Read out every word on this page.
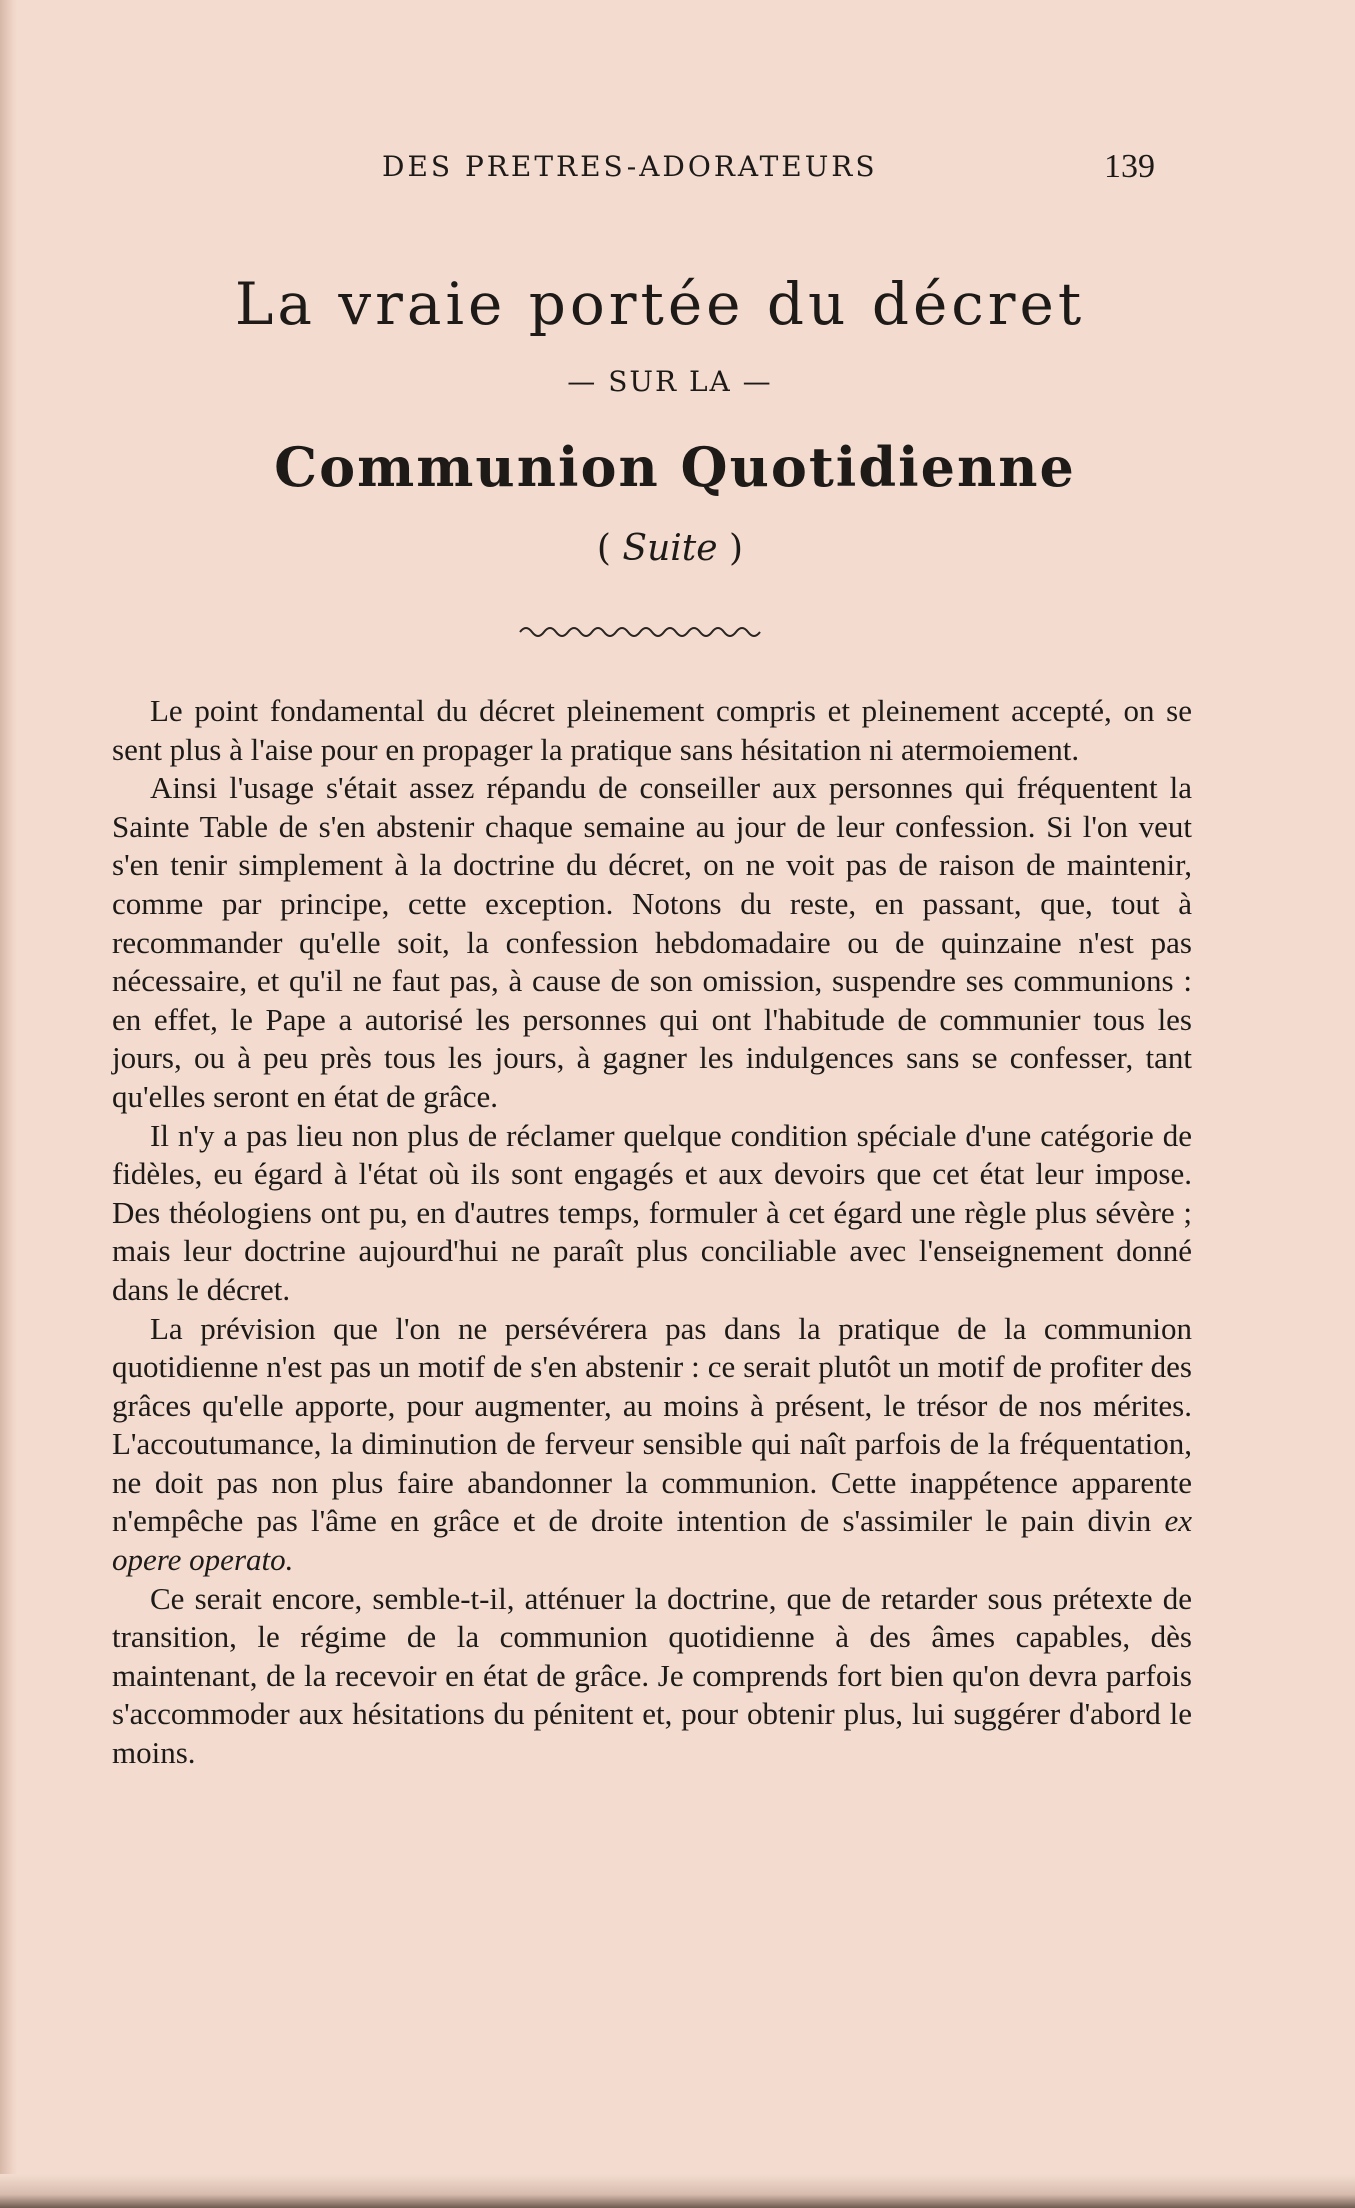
DES PRETRES-ADORATEURS	139
La vraie portée du décret
— SUR LA —
Communion Quotidienne
( Suite )

Le point fondamental du décret pleinement compris et pleinement accepté, on se sent plus à l'aise pour en propager la pratique sans hésitation ni atermoiement.

Ainsi l'usage s'était assez répandu de conseiller aux personnes qui fréquentent la Sainte Table de s'en abstenir chaque semaine au jour de leur confession. Si l'on veut s'en tenir simplement à la doctrine du décret, on ne voit pas de raison de maintenir, comme par principe, cette exception. Notons du reste, en passant, que, tout à recommander qu'elle soit, la confession hebdomadaire ou de quinzaine n'est pas nécessaire, et qu'il ne faut pas, à cause de son omission, suspendre ses communions : en effet, le Pape a autorisé les personnes qui ont l'habitude de communier tous les jours, ou à peu près tous les jours, à gagner les indulgences sans se confesser, tant qu'elles seront en état de grâce.

Il n'y a pas lieu non plus de réclamer quelque condition spéciale d'une catégorie de fidèles, eu égard à l'état où ils sont engagés et aux devoirs que cet état leur impose. Des théologiens ont pu, en d'autres temps, formuler à cet égard une règle plus sévère ; mais leur doctrine aujourd'hui ne paraît plus conciliable avec l'enseignement donné dans le décret.

La prévision que l'on ne persévérera pas dans la pratique de la communion quotidienne n'est pas un motif de s'en abstenir : ce serait plutôt un motif de profiter des grâces qu'elle apporte, pour augmenter, au moins à présent, le trésor de nos mérites. L'accoutumance, la diminution de ferveur sensible qui naît parfois de la fréquentation, ne doit pas non plus faire abandonner la communion. Cette inappétence apparente n'empêche pas l'âme en grâce et de droite intention de s'assimiler le pain divin ex opere operato.

Ce serait encore, semble-t-il, atténuer la doctrine, que de retarder sous prétexte de transition, le régime de la communion quotidienne à des âmes capables, dès maintenant, de la recevoir en état de grâce. Je comprends fort bien qu'on devra parfois s'accommoder aux hésitations du pénitent et, pour obtenir plus, lui suggérer d'abord le moins.
